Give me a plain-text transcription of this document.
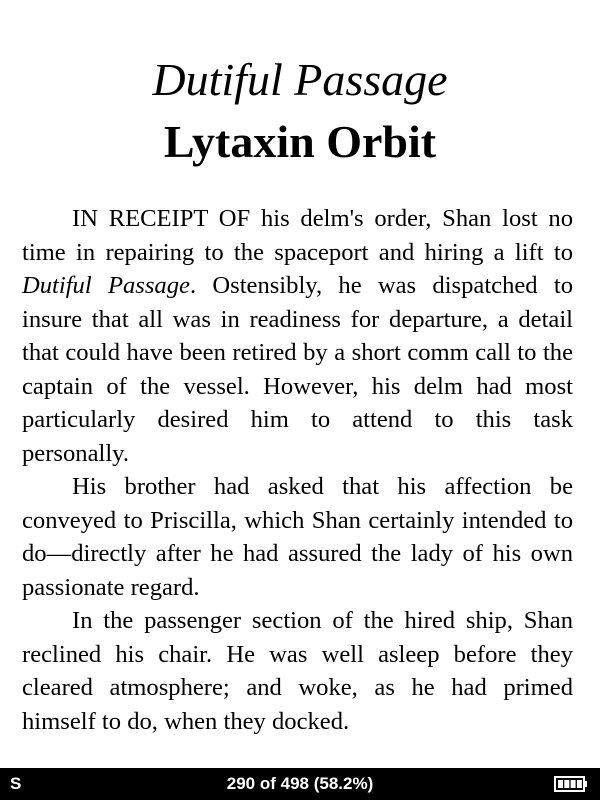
Dutiful Passage
Lytaxin Orbit

IN RECEIPT OF his delm's order, Shan lost no time in repairing to the spaceport and hiring a lift to Dutiful Passage. Ostensibly, he was dispatched to insure that all was in readiness for departure, a detail that could have been retired by a short comm call to the captain of the vessel. However, his delm had most particularly desired him to attend to this task personally.

His brother had asked that his affection be conveyed to Priscilla, which Shan certainly intended to do—directly after he had assured the lady of his own passionate regard.

In the passenger section of the hired ship, Shan reclined his chair. He was well asleep before they cleared atmosphere; and woke, as he had primed himself to do, when they docked.

S	290 of 498 (58.2%)
